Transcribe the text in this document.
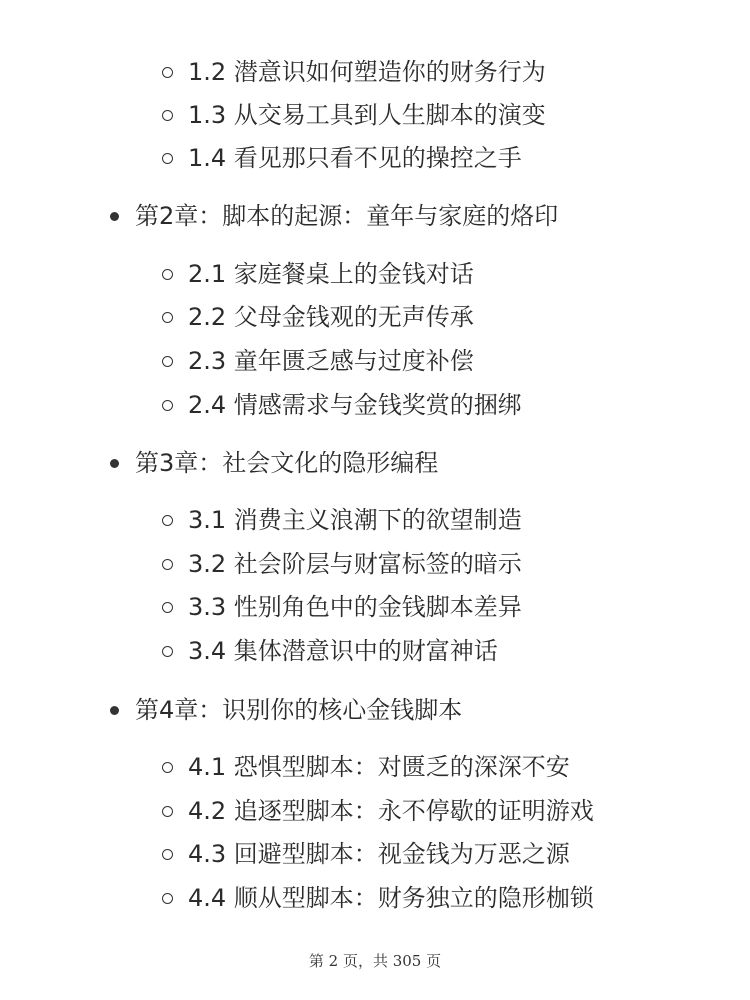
1.2 潜意识如何塑造你的财务行为
1.3 从交易工具到人生脚本的演变
1.4 看见那只看不见的操控之手
第2章：脚本的起源：童年与家庭的烙印
2.1 家庭餐桌上的金钱对话
2.2 父母金钱观的无声传承
2.3 童年匮乏感与过度补偿
2.4 情感需求与金钱奖赏的捆绑
第3章：社会文化的隐形编程
3.1 消费主义浪潮下的欲望制造
3.2 社会阶层与财富标签的暗示
3.3 性别角色中的金钱脚本差异
3.4 集体潜意识中的财富神话
第4章：识别你的核心金钱脚本
4.1 恐惧型脚本：对匮乏的深深不安
4.2 追逐型脚本：永不停歇的证明游戏
4.3 回避型脚本：视金钱为万恶之源
4.4 顺从型脚本：财务独立的隐形枷锁
第 2 页，共 305 页
